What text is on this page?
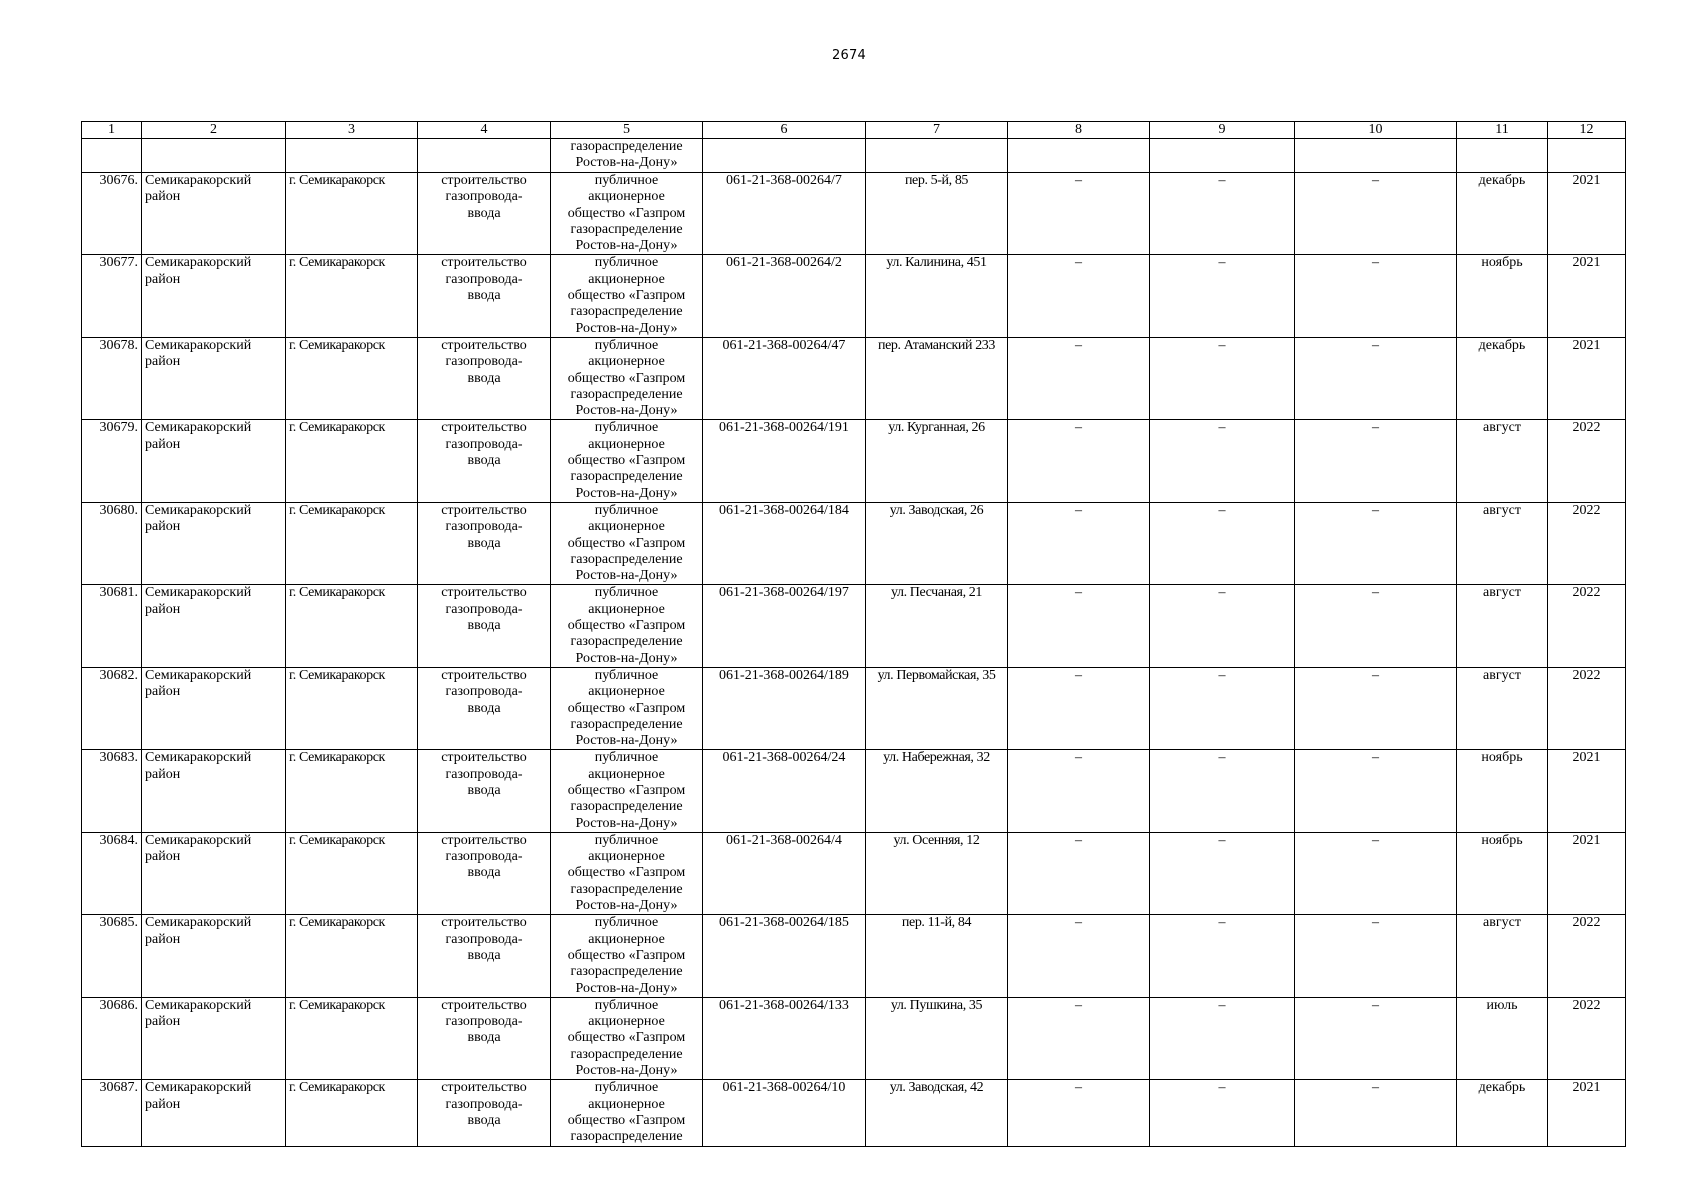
2674
1	2	3	4	5	6	7	8	9	10	11	12

				газораспределение
Ростов-на-Дону»							

30676.	Семикаракорский район	г. Семикаракорск	строительство
газопровода-
ввода	публичное
акционерное
общество «Газпром
газораспределение
Ростов-на-Дону»	061-21-368-00264/7	пер. 5-й, 85	–	–	–	декабрь	2021
30677.	Семикаракорский район	г. Семикаракорск	строительство
газопровода-
ввода	публичное
акционерное
общество «Газпром
газораспределение
Ростов-на-Дону»	061-21-368-00264/2	ул. Калинина, 451	–	–	–	ноябрь	2021
30678.	Семикаракорский район	г. Семикаракорск	строительство
газопровода-
ввода	публичное
акционерное
общество «Газпром
газораспределение
Ростов-на-Дону»	061-21-368-00264/47	пер. Атаманский 233	–	–	–	декабрь	2021
30679.	Семикаракорский район	г. Семикаракорск	строительство
газопровода-
ввода	публичное
акционерное
общество «Газпром
газораспределение
Ростов-на-Дону»	061-21-368-00264/191	ул. Курганная, 26	–	–	–	август	2022
30680.	Семикаракорский район	г. Семикаракорск	строительство
газопровода-
ввода	публичное
акционерное
общество «Газпром
газораспределение
Ростов-на-Дону»	061-21-368-00264/184	ул. Заводская, 26	–	–	–	август	2022
30681.	Семикаракорский район	г. Семикаракорск	строительство
газопровода-
ввода	публичное
акционерное
общество «Газпром
газораспределение
Ростов-на-Дону»	061-21-368-00264/197	ул. Песчаная, 21	–	–	–	август	2022
30682.	Семикаракорский район	г. Семикаракорск	строительство
газопровода-
ввода	публичное
акционерное
общество «Газпром
газораспределение
Ростов-на-Дону»	061-21-368-00264/189	ул. Первомайская, 35	–	–	–	август	2022
30683.	Семикаракорский район	г. Семикаракорск	строительство
газопровода-
ввода	публичное
акционерное
общество «Газпром
газораспределение
Ростов-на-Дону»	061-21-368-00264/24	ул. Набережная, 32	–	–	–	ноябрь	2021
30684.	Семикаракорский район	г. Семикаракорск	строительство
газопровода-
ввода	публичное
акционерное
общество «Газпром
газораспределение
Ростов-на-Дону»	061-21-368-00264/4	ул. Осенняя, 12	–	–	–	ноябрь	2021
30685.	Семикаракорский район	г. Семикаракорск	строительство
газопровода-
ввода	публичное
акционерное
общество «Газпром
газораспределение
Ростов-на-Дону»	061-21-368-00264/185	пер. 11-й, 84	–	–	–	август	2022
30686.	Семикаракорский район	г. Семикаракорск	строительство
газопровода-
ввода	публичное
акционерное
общество «Газпром
газораспределение
Ростов-на-Дону»	061-21-368-00264/133	ул. Пушкина, 35	–	–	–	июль	2022
30687.	Семикаракорский район	г. Семикаракорск	строительство
газопровода-
ввода	публичное
акционерное
общество «Газпром
газораспределение	061-21-368-00264/10	ул. Заводская, 42	–	–	–	декабрь	2021
